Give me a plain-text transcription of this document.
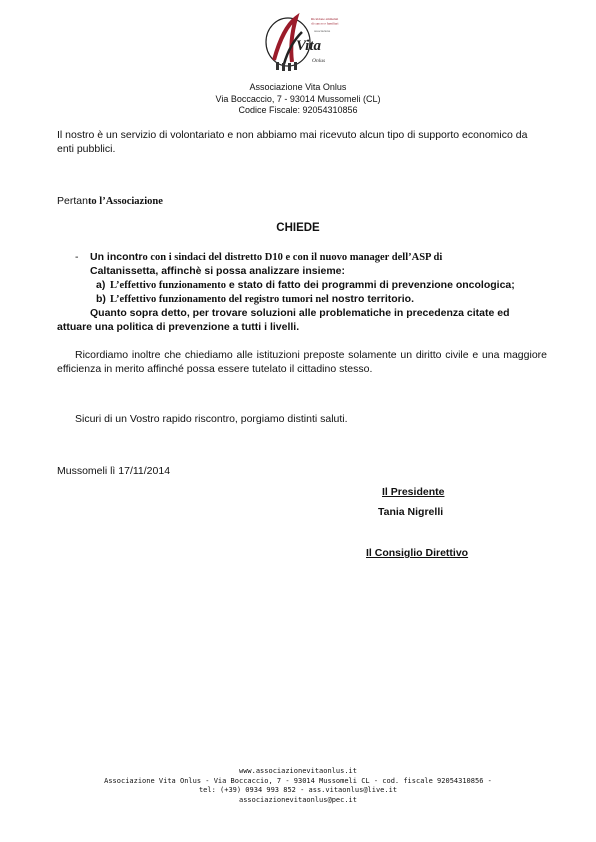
Ricaldone ammalati
di cancro e familiari
associazione
Vita
Onlus
Associazione Vita Onlus
Via Boccaccio, 7 - 93014 Mussomeli (CL)
Codice Fiscale: 92054310856

Il nostro è un servizio di volontariato e non abbiamo mai ricevuto alcun tipo di supporto economico da enti pubblici.

Pertanto l’Associazione

CHIEDE

- Un incontro con i sindaci del distretto D10 e con il nuovo manager dell’ASP di

Caltanissetta, affinchè si possa analizzare insieme:

a) L’effettivo funzionamento e stato di fatto dei programmi di prevenzione oncologica;

b) L’effettivo funzionamento del registro tumori nel nostro territorio.

Quanto sopra detto, per trovare soluzioni alle problematiche in precedenza citate ed

attuare una politica di prevenzione a tutti i livelli.

Ricordiamo inoltre che chiediamo alle istituzioni preposte solamente un diritto civile e una maggiore efficienza in merito affinché possa essere tutelato il cittadino stesso.

Sicuri di un Vostro rapido riscontro, porgiamo distinti saluti.

Mussomeli lì 17/11/2014

Il Presidente

Tania Nigrelli

Il Consiglio Direttivo

www.associazionevitaonlus.it
Associazione Vita Onlus - Via Boccaccio, 7 - 93014 Mussomeli CL - cod. fiscale 92054310856 -
tel: (+39) 0934 993 852 - ass.vitaonlus@live.it
associazionevitaonlus@pec.it
